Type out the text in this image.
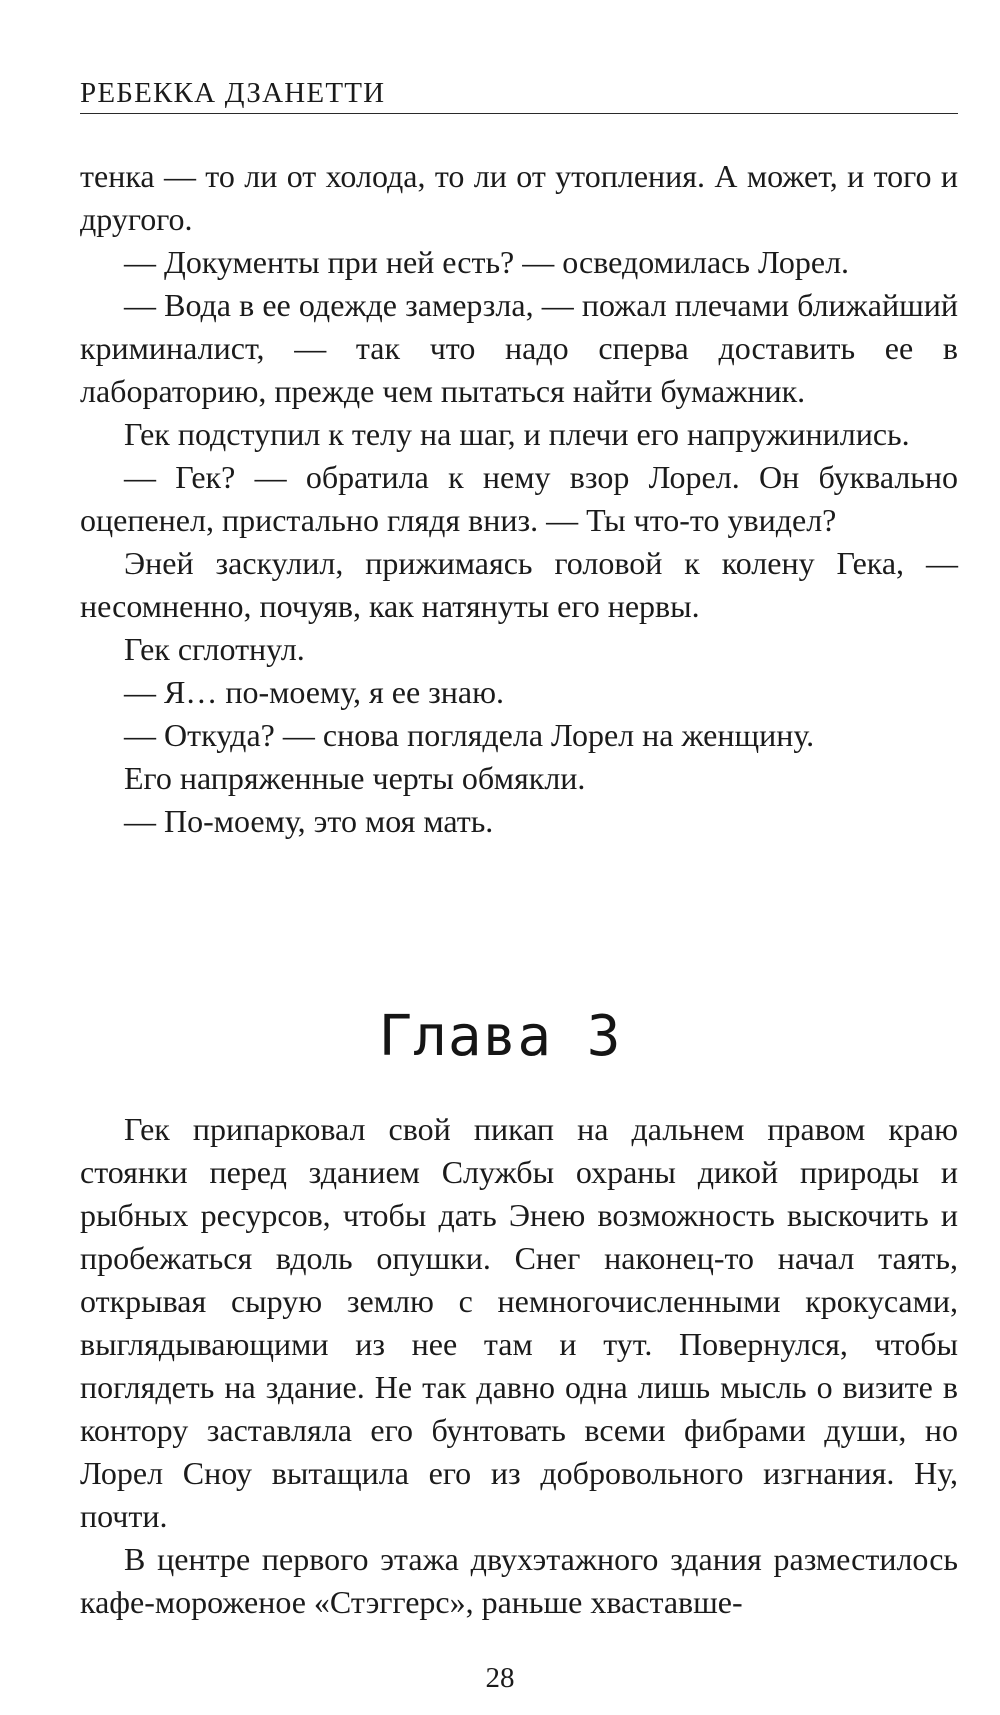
РЕБЕККА ДЗАНЕТТИ

тенка — то ли от холода, то ли от утопления. А может, и того и другого.

— Документы при ней есть? — осведомилась Лорел.

— Вода в ее одежде замерзла, — пожал плечами ближайший криминалист, — так что надо сперва доставить ее в лабораторию, прежде чем пытаться найти бумажник.

Гек подступил к телу на шаг, и плечи его напружинились.

— Гек? — обратила к нему взор Лорел. Он буквально оцепенел, пристально глядя вниз. — Ты что-то увидел?

Эней заскулил, прижимаясь головой к колену Гека, — несомненно, почуяв, как натянуты его нервы.

Гек сглотнул.

— Я… по-моему, я ее знаю.

— Откуда? — снова поглядела Лорел на женщину.

Его напряженные черты обмякли.

— По-моему, это моя мать.

Глава 3

Гек припарковал свой пикап на дальнем правом краю стоянки перед зданием Службы охраны дикой природы и рыбных ресурсов, чтобы дать Энею возможность выскочить и пробежаться вдоль опушки. Снег наконец-то начал таять, открывая сырую землю с немногочисленными крокусами, выглядывающими из нее там и тут. Повернулся, чтобы поглядеть на здание. Не так давно одна лишь мысль о визите в контору заставляла его бунтовать всеми фибрами души, но Лорел Сноу вытащила его из добровольного изгнания. Ну, почти.

В центре первого этажа двухэтажного здания разместилось кафе-мороженое «Стэггерс», раньше хваставше-

28
